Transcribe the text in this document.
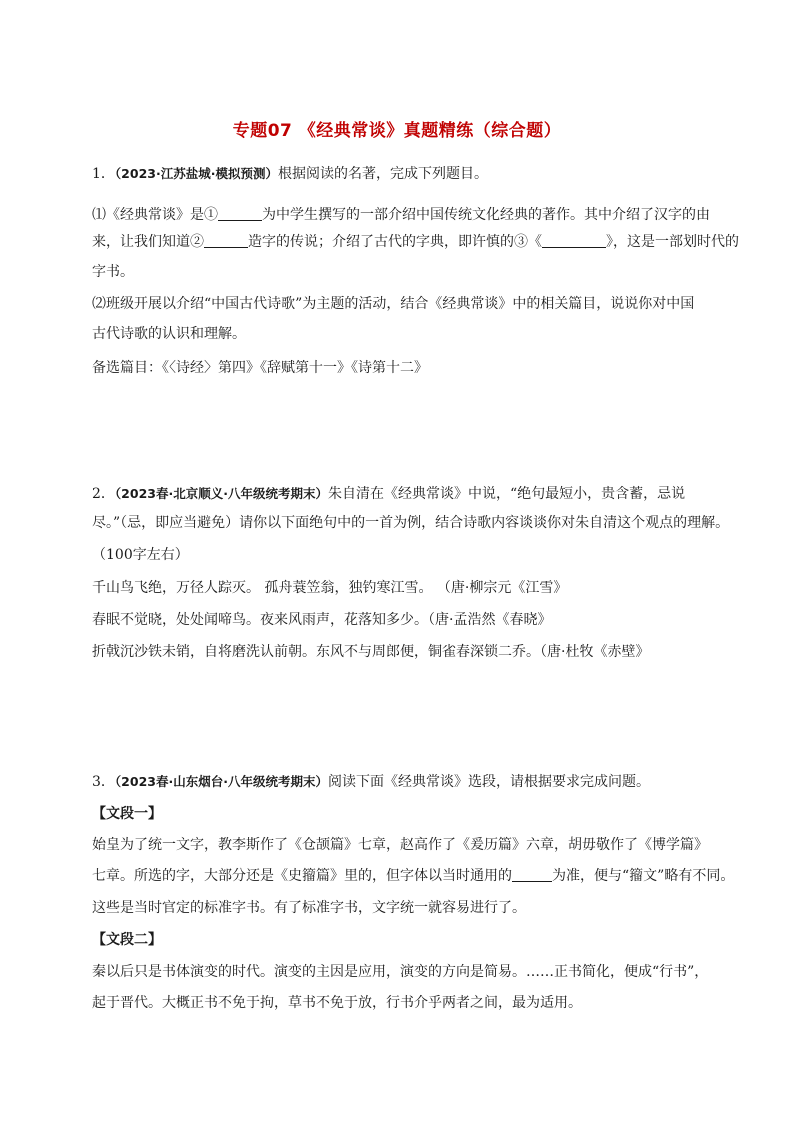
专题07 《经典常谈》真题精练（综合题）
1．（2023·江苏盐城·模拟预测）根据阅读的名著，完成下列题目。
⑴《经典常谈》是①	为中学生撰写的一部介绍中国传统文化经典的著作。其中介绍了汉字的由
来，让我们知道②	造字的传说；介绍了古代的字典，即许慎的③《	》，这是一部划时代的
字书。
⑵班级开展以介绍“中国古代诗歌”为主题的活动，结合《经典常谈》中的相关篇目，说说你对中国
古代诗歌的认识和理解。
备选篇目：《〈诗经〉第四》《辞赋第十一》《诗第十二》
2．（2023春·北京顺义·八年级统考期末）朱自清在《经典常谈》中说，“绝句最短小，贵含蓄，忌说
尽。”（忌，即应当避免）请你以下面绝句中的一首为例，结合诗歌内容谈谈你对朱自清这个观点的理解。
（100字左右）
千山鸟飞绝，万径人踪灭。 孤舟蓑笠翁，独钓寒江雪。 （唐·柳宗元《江雪》
春眠不觉晓，处处闻啼鸟。夜来风雨声，花落知多少。（唐·孟浩然《春晓》
折戟沉沙铁未销，自将磨洗认前朝。东风不与周郎便，铜雀春深锁二乔。（唐·杜牧《赤壁》
3．（2023春·山东烟台·八年级统考期末）阅读下面《经典常谈》选段，请根据要求完成问题。
【文段一】
始皇为了统一文字，教李斯作了《仓颉篇》七章，赵高作了《爰历篇》六章，胡毋敬作了《博学篇》
七章。所选的字，大部分还是《史籀篇》里的，但字体以当时通用的	为准，便与“籀文”略有不同。
这些是当时官定的标准字书。有了标准字书，文字统一就容易进行了。
【文段二】
秦以后只是书体演变的时代。演变的主因是应用，演变的方向是简易。……正书简化，便成“行书”，
起于晋代。大概正书不免于拘，草书不免于放，行书介乎两者之间，最为适用。
